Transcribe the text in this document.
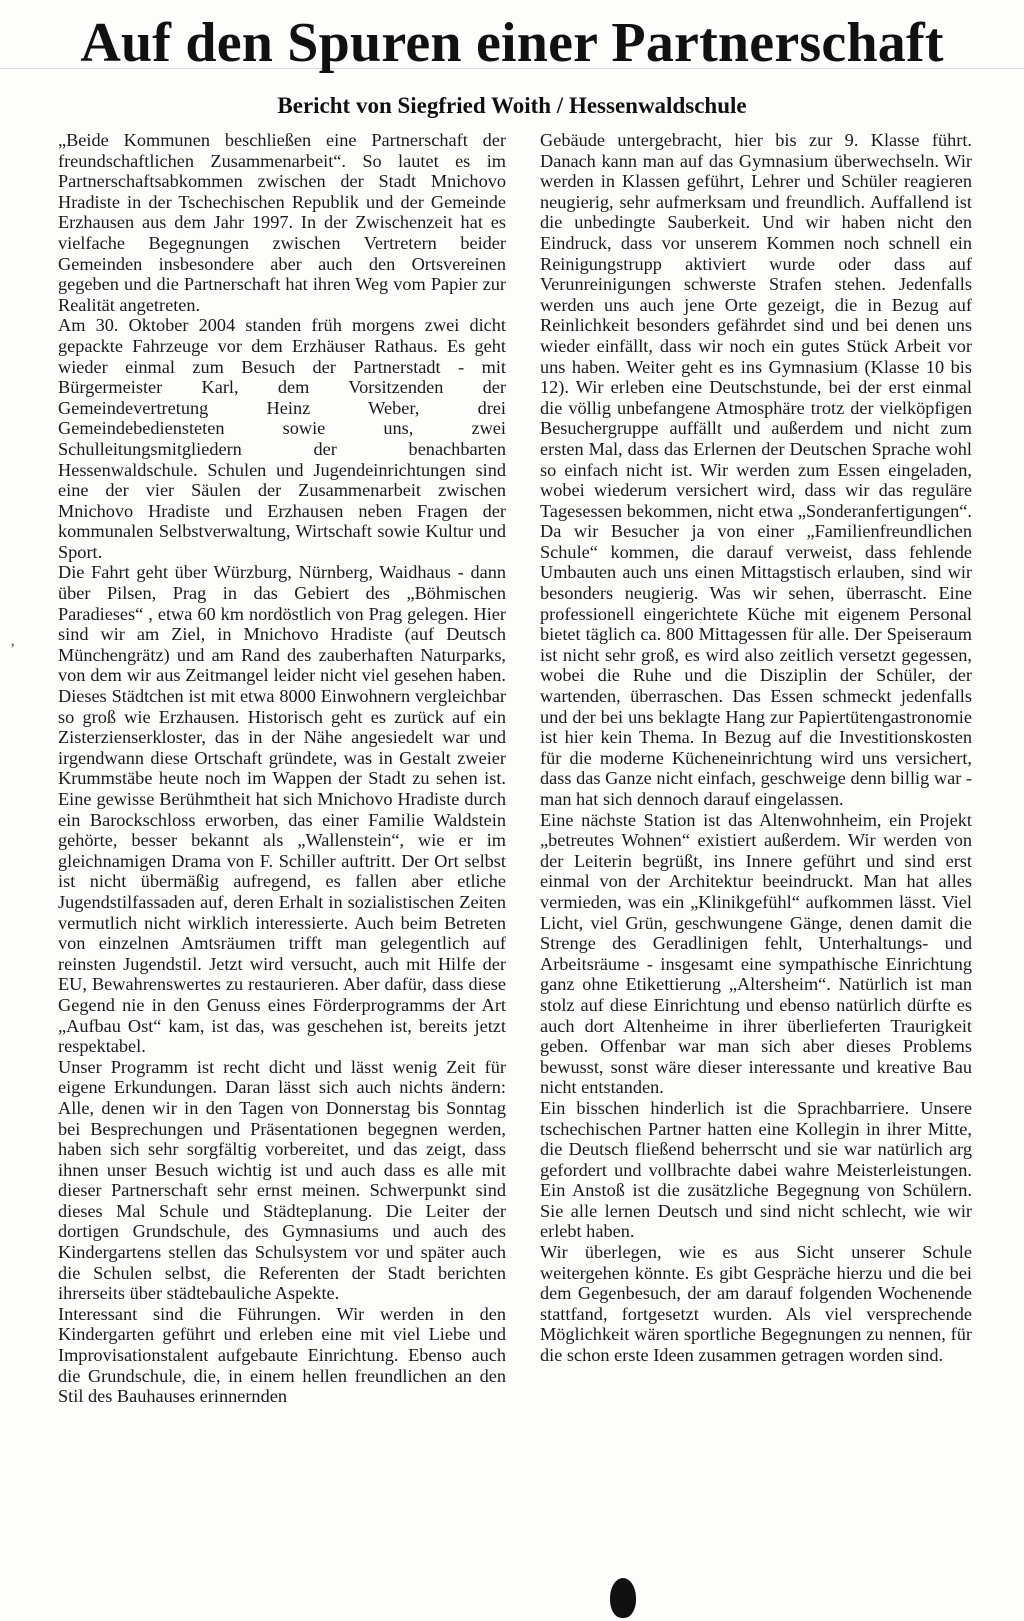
Auf den Spuren einer Partnerschaft
Bericht von Siegfried Woith / Hessenwaldschule

„Beide Kommunen beschließen eine Partnerschaft der freundschaftlichen Zusammenarbeit“. So lautet es im Partnerschaftsabkommen zwischen der Stadt Mnichovo Hradiste in der Tschechischen Republik und der Gemeinde Erzhausen aus dem Jahr 1997. In der Zwischenzeit hat es vielfache Begegnungen zwischen Vertretern beider Gemeinden insbesondere aber auch den Ortsvereinen gegeben und die Partnerschaft hat ihren Weg vom Papier zur Realität angetreten.

Am 30. Oktober 2004 standen früh morgens zwei dicht gepackte Fahrzeuge vor dem Erzhäuser Rathaus. Es geht wieder einmal zum Besuch der Partnerstadt - mit Bürgermeister Karl, dem Vorsitzenden der Gemeindevertretung Heinz Weber, drei Gemeindebediensteten sowie uns, zwei Schulleitungsmitgliedern der benachbarten Hessenwaldschule. Schulen und Jugendeinrichtungen sind eine der vier Säulen der Zusammenarbeit zwischen Mnichovo Hradiste und Erzhausen neben Fragen der kommunalen Selbstverwaltung, Wirtschaft sowie Kultur und Sport.

Die Fahrt geht über Würzburg, Nürnberg, Waidhaus - dann über Pilsen, Prag in das Gebiert des „Böhmischen Paradieses“ , etwa 60 km nordöstlich von Prag gelegen. Hier sind wir am Ziel, in Mnichovo Hradiste (auf Deutsch Münchengrätz) und am Rand des zauberhaften Naturparks, von dem wir aus Zeitmangel leider nicht viel gesehen haben. Dieses Städtchen ist mit etwa 8000 Einwohnern vergleichbar so groß wie Erzhausen. Historisch geht es zurück auf ein Zisterzienserkloster, das in der Nähe angesiedelt war und irgendwann diese Ortschaft gründete, was in Gestalt zweier Krummstäbe heute noch im Wappen der Stadt zu sehen ist. Eine gewisse Berühmtheit hat sich Mnichovo Hradiste durch ein Barockschloss erworben, das einer Familie Waldstein gehörte, besser bekannt als „Wallenstein“, wie er im gleichnamigen Drama von F. Schiller auftritt. Der Ort selbst ist nicht übermäßig aufregend, es fallen aber etliche Jugendstilfassaden auf, deren Erhalt in sozialistischen Zeiten vermutlich nicht wirklich interessierte. Auch beim Betreten von einzelnen Amtsräumen trifft man gelegentlich auf reinsten Jugendstil. Jetzt wird versucht, auch mit Hilfe der EU, Bewahrenswertes zu restaurieren. Aber dafür, dass diese Gegend nie in den Genuss eines Förderprogramms der Art „Aufbau Ost“ kam, ist das, was geschehen ist, bereits jetzt respektabel.

Unser Programm ist recht dicht und lässt wenig Zeit für eigene Erkundungen. Daran lässt sich auch nichts ändern: Alle, denen wir in den Tagen von Donnerstag bis Sonntag bei Besprechungen und Präsentationen begegnen werden, haben sich sehr sorgfältig vorbereitet, und das zeigt, dass ihnen unser Besuch wichtig ist und auch dass es alle mit dieser Partnerschaft sehr ernst meinen. Schwerpunkt sind dieses Mal Schule und Städteplanung. Die Leiter der dortigen Grundschule, des Gymnasiums und auch des Kindergartens stellen das Schulsystem vor und später auch die Schulen selbst, die Referenten der Stadt berichten ihrerseits über städtebauliche Aspekte.

Interessant sind die Führungen. Wir werden in den Kindergarten geführt und erleben eine mit viel Liebe und Improvisationstalent aufgebaute Einrichtung. Ebenso auch die Grundschule, die, in einem hellen freundlichen an den Stil des Bauhauses erinnernden

Gebäude untergebracht, hier bis zur 9. Klasse führt. Danach kann man auf das Gymnasium überwechseln. Wir werden in Klassen geführt, Lehrer und Schüler reagieren neugierig, sehr aufmerksam und freundlich. Auffallend ist die unbedingte Sauberkeit. Und wir haben nicht den Eindruck, dass vor unserem Kommen noch schnell ein Reinigungstrupp aktiviert wurde oder dass auf Verunreinigungen schwerste Strafen stehen. Jedenfalls werden uns auch jene Orte gezeigt, die in Bezug auf Reinlichkeit besonders gefährdet sind und bei denen uns wieder einfällt, dass wir noch ein gutes Stück Arbeit vor uns haben. Weiter geht es ins Gymnasium (Klasse 10 bis 12). Wir erleben eine Deutschstunde, bei der erst einmal die völlig unbefangene Atmosphäre trotz der vielköpfigen Besuchergruppe auffällt und außerdem und nicht zum ersten Mal, dass das Erlernen der Deutschen Sprache wohl so einfach nicht ist. Wir werden zum Essen eingeladen, wobei wiederum versichert wird, dass wir das reguläre Tagesessen bekommen, nicht etwa „Sonderanfertigungen“. Da wir Besucher ja von einer „Familienfreundlichen Schule“ kommen, die darauf verweist, dass fehlende Umbauten auch uns einen Mittagstisch erlauben, sind wir besonders neugierig. Was wir sehen, überrascht. Eine professionell eingerichtete Küche mit eigenem Personal bietet täglich ca. 800 Mittagessen für alle. Der Speiseraum ist nicht sehr groß, es wird also zeitlich versetzt gegessen, wobei die Ruhe und die Disziplin der Schüler, der wartenden, überraschen. Das Essen schmeckt jedenfalls und der bei uns beklagte Hang zur Papiertütengastronomie ist hier kein Thema. In Bezug auf die Investitionskosten für die moderne Kücheneinrichtung wird uns versichert, dass das Ganze nicht einfach, geschweige denn billig war - man hat sich dennoch darauf eingelassen.

Eine nächste Station ist das Altenwohnheim, ein Projekt „betreutes Wohnen“ existiert außerdem. Wir werden von der Leiterin begrüßt, ins Innere geführt und sind erst einmal von der Architektur beeindruckt. Man hat alles vermieden, was ein „Klinikgefühl“ aufkommen lässt. Viel Licht, viel Grün, geschwungene Gänge, denen damit die Strenge des Geradlinigen fehlt, Unterhaltungs- und Arbeitsräume - insgesamt eine sympathische Einrichtung ganz ohne Etikettierung „Altersheim“. Natürlich ist man stolz auf diese Einrichtung und ebenso natürlich dürfte es auch dort Altenheime in ihrer überlieferten Traurigkeit geben. Offenbar war man sich aber dieses Problems bewusst, sonst wäre dieser interessante und kreative Bau nicht entstanden.

Ein bisschen hinderlich ist die Sprachbarriere. Unsere tschechischen Partner hatten eine Kollegin in ihrer Mitte, die Deutsch fließend beherrscht und sie war natürlich arg gefordert und vollbrachte dabei wahre Meisterleistungen. Ein Anstoß ist die zusätzliche Begegnung von Schülern. Sie alle lernen Deutsch und sind nicht schlecht, wie wir erlebt haben.

Wir überlegen, wie es aus Sicht unserer Schule weitergehen könnte. Es gibt Gespräche hierzu und die bei dem Gegenbesuch, der am darauf folgenden Wochenende stattfand, fortgesetzt wurden. Als viel versprechende Möglichkeit wären sportliche Begegnungen zu nennen, für die schon erste Ideen zusammen getragen worden sind.

’
